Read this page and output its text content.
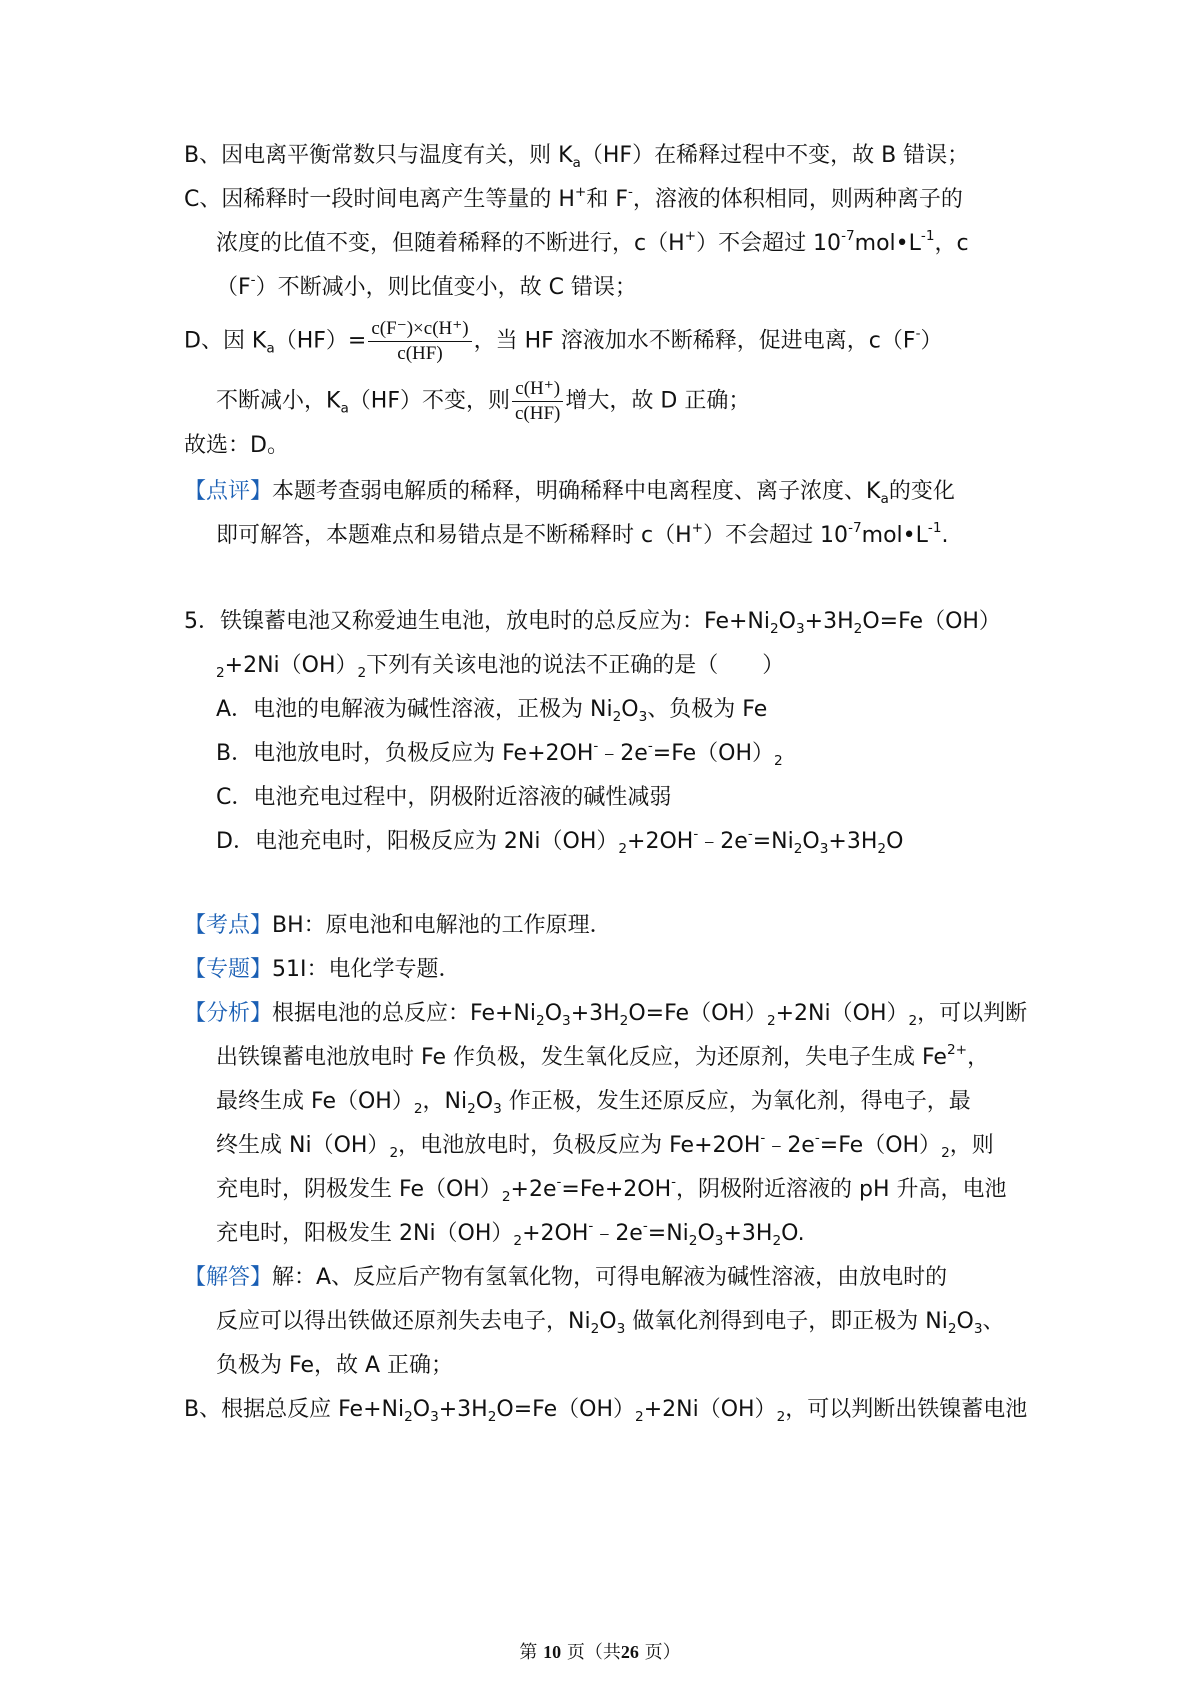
B、因电离平衡常数只与温度有关，则 $K_a(HF)$在稀释过程中不变，故 B 错误；
C、因稀释时一段时间电离产生等量的 H+和 F-，溶液的体积相同，则两种离子的
浓度的比值不变，但随着稀释的不断进行，c（H+）不会超过 $10^{-7}mol•L^{-1}$，c
（F-）不断减小，则比值变小，故 C 错误；
D、因 $K_a(HF)= \frac{c(F^-)\times c(H^+)}{c(HF)}$ ，当 HF 溶液加水不断稀释，促进电离，c（F-）
不断减小，$K_a(HF)$不变，则 $\frac{c(H^+)}{c(HF)}$ 增大，故 D 正确；
故选：D。
【点评】本题考查弱电解质的稀释，明确稀释中电离程度、离子浓度、$K_a$的变化
即可解答，本题难点和易错点是不断稀释时 c（H+）不会超过 $10^{-7}mol•L^{-1}$.
5．铁镍蓄电池又称爱迪生电池，放电时的总反应为：$Fe+Ni_2O_3+3H_2O=Fe(OH)$
$_2+2Ni(OH)_2$下列有关该电池的说法不正确的是（　　）
A．电池的电解液为碱性溶液，正极为 $Ni_2O_3$、负极为 Fe
B．电池放电时，负极反应为 $Fe+2OH^-﹣2e^-=Fe(OH)_2$
C．电池充电过程中，阴极附近溶液的碱性减弱
D．电池充电时，阳极反应为 $2Ni(OH)_2+2OH^-﹣2e^-=Ni_2O_3+3H_2O$
【考点】BH：原电池和电解池的工作原理．
【专题】51I：电化学专题．
【分析】根据电池的总反应：$Fe+Ni_2O_3+3H_2O=Fe(OH)_2+2Ni(OH)_2$，可以判断
出铁镍蓄电池放电时 Fe 作负极，发生氧化反应，为还原剂，失电子生成 $Fe^{2+}$，
最终生成 $Fe(OH)_2$，$Ni_2O_3$ 作正极，发生还原反应，为氧化剂，得电子，最
终生成 $Ni(OH)_2$，电池放电时，负极反应为 $Fe+2OH^-﹣2e^-=Fe(OH)_2$，则
充电时，阴极发生 $Fe(OH)_2+2e^-=Fe+2OH^-$，阴极附近溶液的 pH 升高，电池
充电时，阳极发生 $2Ni(OH)_2+2OH^-﹣2e^-=Ni_2O_3+3H_2O$.
【解答】解：A、反应后产物有氢氧化物，可得电解液为碱性溶液，由放电时的
反应可以得出铁做还原剂失去电子，$Ni_2O_3$ 做氧化剂得到电子，即正极为 $Ni_2O_3$、
负极为 Fe，故 A 正确；
B、根据总反应 $Fe+Ni_2O_3+3H_2O=Fe(OH)_2+2Ni(OH)_2$，可以判断出铁镍蓄电池
第 10 页（共26 页）
